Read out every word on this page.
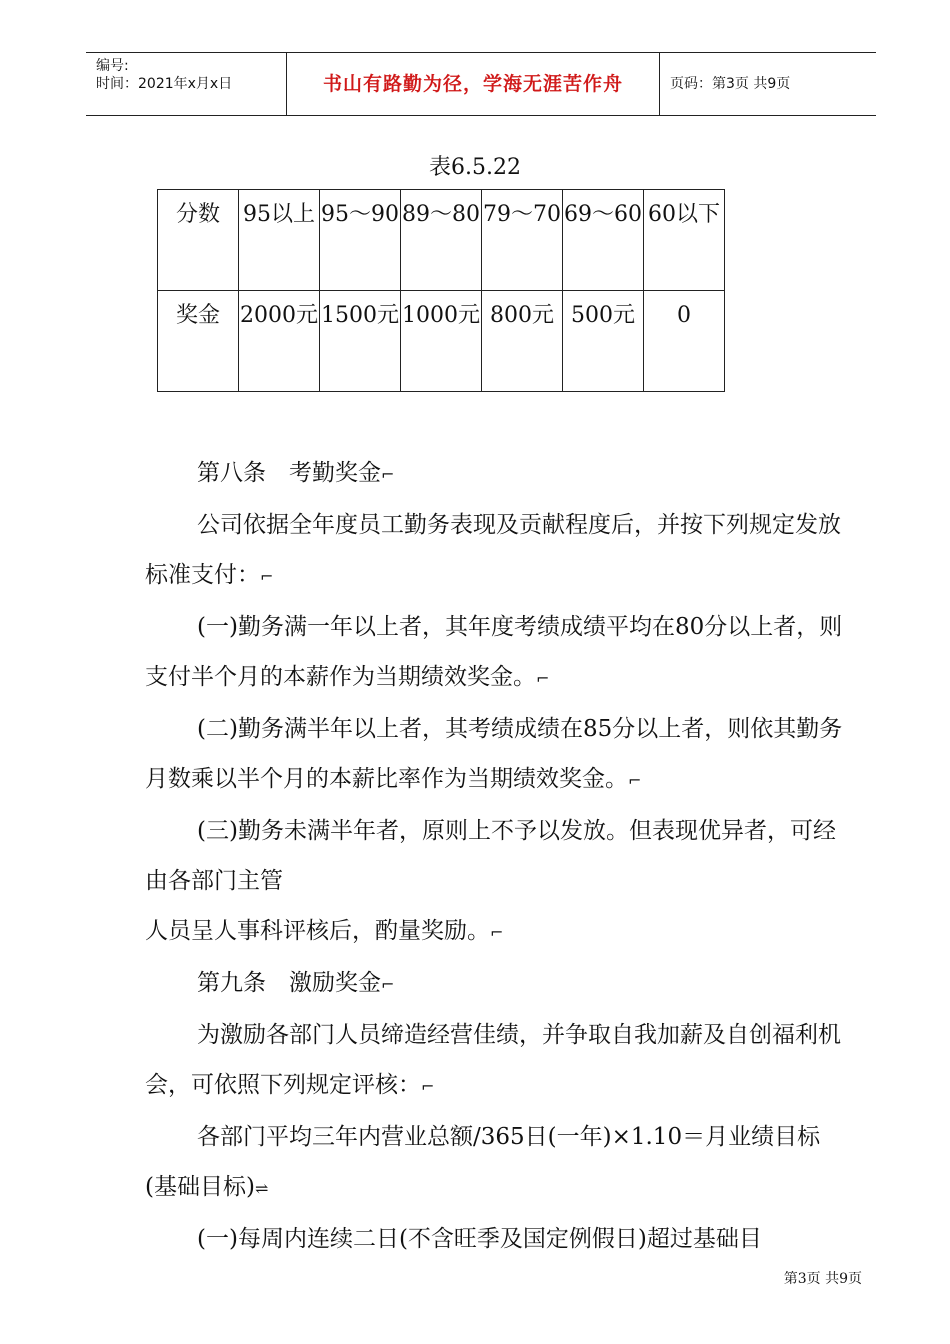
编号:
时间：2021年x月x日	书山有路勤为径，学海无涯苦作舟	页码：第3页 共9页
表6.5.22
分数	95以上	95～90	89～80	79～70	69～60	60以下
奖金	2000元	1500元	1000元	800元	500元	0

第八条　考勤奖金⌐

公司依据全年度员工勤务表现及贡献程度后，并按下列规定发放标准支付：⌐

(一)勤务满一年以上者，其年度考绩成绩平均在80分以上者，则支付半个月的本薪作为当期绩效奖金。⌐

(二)勤务满半年以上者，其考绩成绩在85分以上者，则依其勤务月数乘以半个月的本薪比率作为当期绩效奖金。⌐

(三)勤务未满半年者，原则上不予以发放。但表现优异者，可经由各部门主管

人员呈人事科评核后，酌量奖励。⌐

第九条　激励奖金⌐

为激励各部门人员缔造经营佳绩，并争取自我加薪及自创福利机会，可依照下列规定评核：⌐

各部门平均三年内营业总额/365日(一年)×1.10＝月业绩目标(基础目标)⇌

(一)每周内连续二日(不含旺季及国定例假日)超过基础目

第3页 共9页
